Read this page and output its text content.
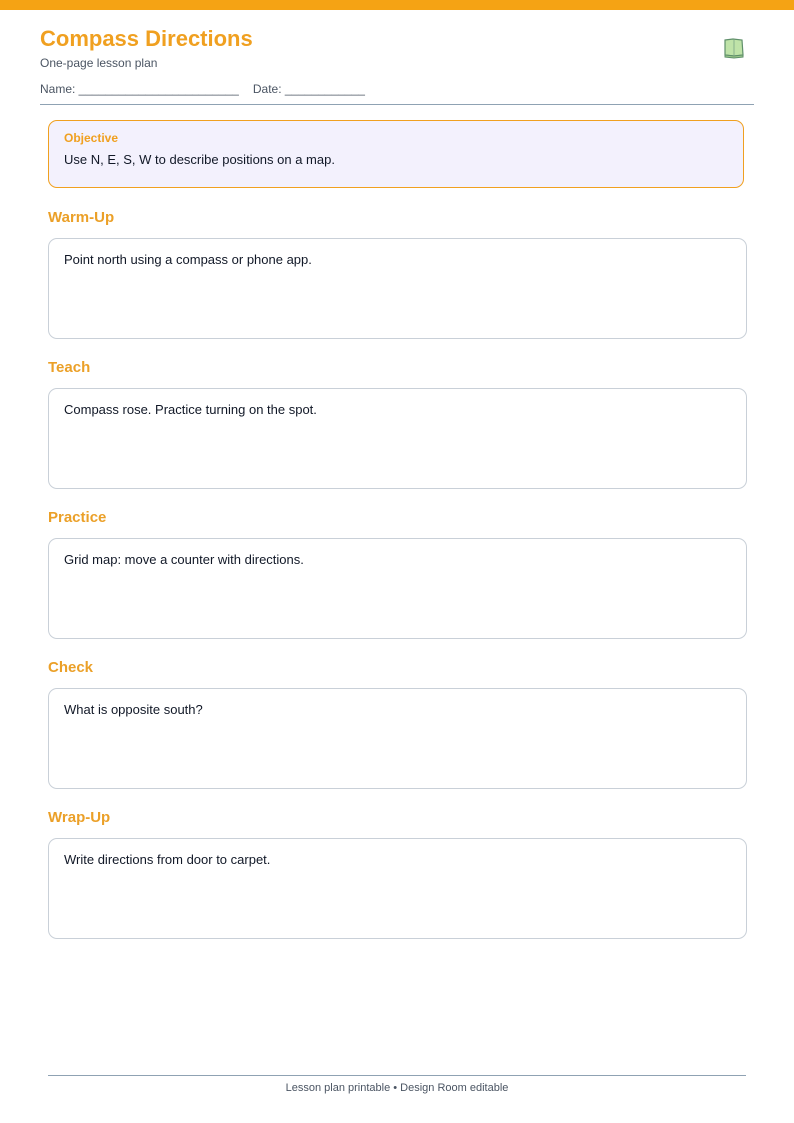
Compass Directions
One-page lesson plan
Name: ________________________ Date: ____________
Objective
Use N, E, S, W to describe positions on a map.
Warm-Up
Point north using a compass or phone app.
Teach
Compass rose. Practice turning on the spot.
Practice
Grid map: move a counter with directions.
Check
What is opposite south?
Wrap-Up
Write directions from door to carpet.
Lesson plan printable • Design Room editable
